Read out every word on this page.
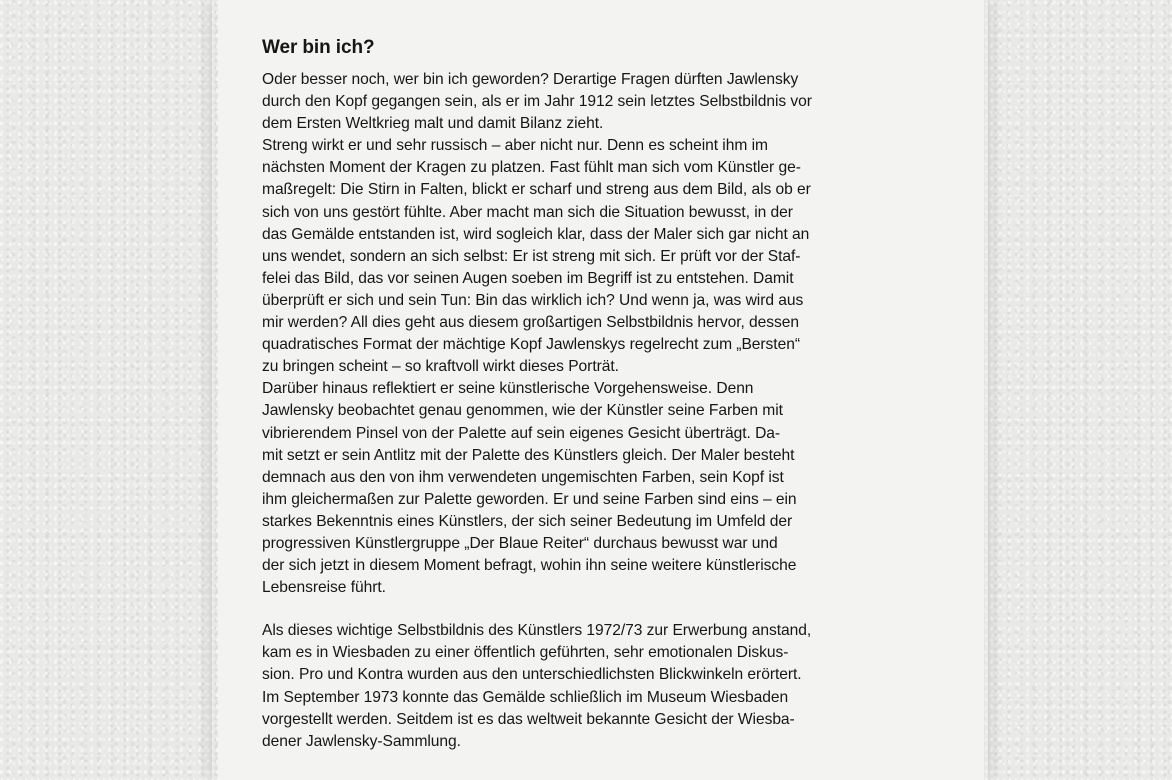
Wer bin ich?
Oder besser noch, wer bin ich geworden? Derartige Fragen dürften Jawlensky
durch den Kopf gegangen sein, als er im Jahr 1912 sein letztes Selbstbildnis vor
dem Ersten Weltkrieg malt und damit Bilanz zieht.
Streng wirkt er und sehr russisch – aber nicht nur. Denn es scheint ihm im
nächsten Moment der Kragen zu platzen. Fast fühlt man sich vom Künstler ge-
maßregelt: Die Stirn in Falten, blickt er scharf und streng aus dem Bild, als ob er
sich von uns gestört fühlte. Aber macht man sich die Situation bewusst, in der
das Gemälde entstanden ist, wird sogleich klar, dass der Maler sich gar nicht an
uns wendet, sondern an sich selbst: Er ist streng mit sich. Er prüft vor der Staf-
felei das Bild, das vor seinen Augen soeben im Begriff ist zu entstehen. Damit
überprüft er sich und sein Tun: Bin das wirklich ich? Und wenn ja, was wird aus
mir werden? All dies geht aus diesem großartigen Selbstbildnis hervor, dessen
quadratisches Format der mächtige Kopf Jawlenskys regelrecht zum „Bersten“
zu bringen scheint – so kraftvoll wirkt dieses Porträt.
Darüber hinaus reflektiert er seine künstlerische Vorgehensweise. Denn
Jawlensky beobachtet genau genommen, wie der Künstler seine Farben mit
vibrierendem Pinsel von der Palette auf sein eigenes Gesicht überträgt. Da-
mit setzt er sein Antlitz mit der Palette des Künstlers gleich. Der Maler besteht
demnach aus den von ihm verwendeten ungemischten Farben, sein Kopf ist
ihm gleichermaßen zur Palette geworden. Er und seine Farben sind eins – ein
starkes Bekenntnis eines Künstlers, der sich seiner Bedeutung im Umfeld der
progressiven Künstlergruppe „Der Blaue Reiter“ durchaus bewusst war und
der sich jetzt in diesem Moment befragt, wohin ihn seine weitere künstlerische
Lebensreise führt.
Als dieses wichtige Selbstbildnis des Künstlers 1972/73 zur Erwerbung anstand,
kam es in Wiesbaden zu einer öffentlich geführten, sehr emotionalen Diskus-
sion. Pro und Kontra wurden aus den unterschiedlichsten Blickwinkeln erörtert.
Im September 1973 konnte das Gemälde schließlich im Museum Wiesbaden
vorgestellt werden. Seitdem ist es das weltweit bekannte Gesicht der Wiesba-
dener Jawlensky-Sammlung.
